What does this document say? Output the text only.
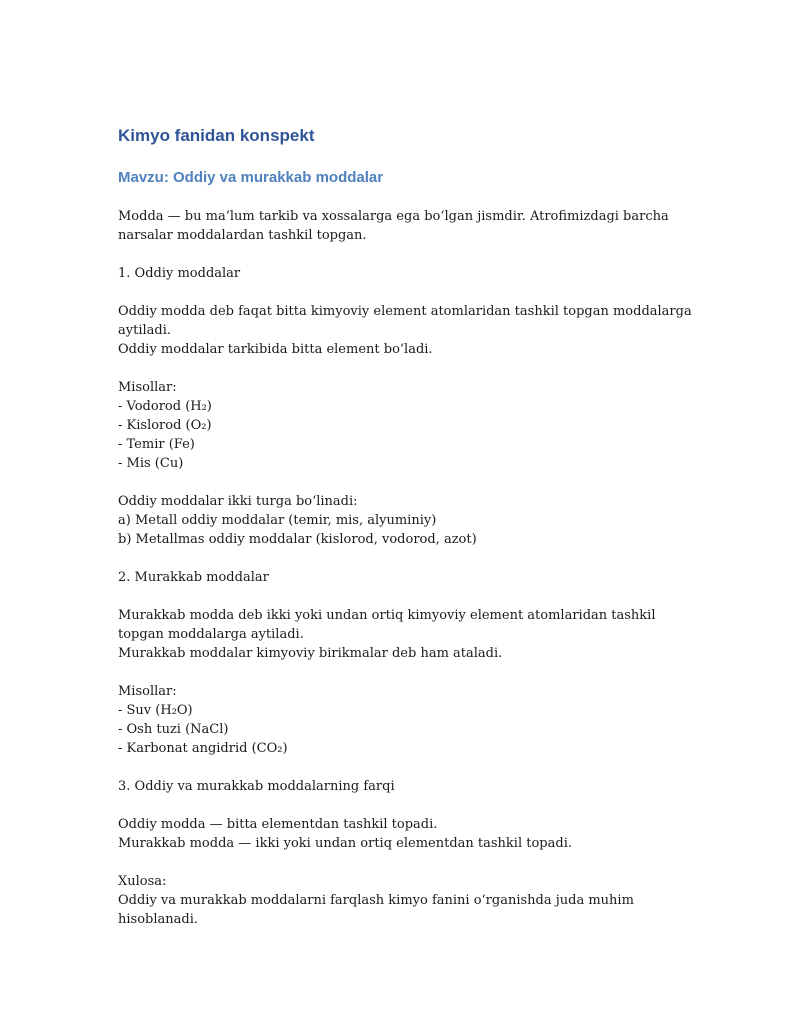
Kimyo fanidan konspekt
Mavzu: Oddiy va murakkab moddalar

Modda — bu ma’lum tarkib va xossalarga ega bo‘lgan jismdir. Atrofimizdagi barcha narsalar moddalardan tashkil topgan.

1. Oddiy moddalar

Oddiy modda deb faqat bitta kimyoviy element atomlaridan tashkil topgan moddalarga aytiladi.
Oddiy moddalar tarkibida bitta element bo‘ladi.
Misollar:
- Vodorod (H₂)
- Kislorod (O₂)
- Temir (Fe)
- Mis (Cu)
Oddiy moddalar ikki turga bo‘linadi:
a) Metall oddiy moddalar (temir, mis, alyuminiy)
b) Metallmas oddiy moddalar (kislorod, vodorod, azot)

2. Murakkab moddalar

Murakkab modda deb ikki yoki undan ortiq kimyoviy element atomlaridan tashkil topgan moddalarga aytiladi.
Murakkab moddalar kimyoviy birikmalar deb ham ataladi.
Misollar:
- Suv (H₂O)
- Osh tuzi (NaCl)
- Karbonat angidrid (CO₂)

3. Oddiy va murakkab moddalarning farqi

Oddiy modda — bitta elementdan tashkil topadi.
Murakkab modda — ikki yoki undan ortiq elementdan tashkil topadi.
Xulosa:
Oddiy va murakkab moddalarni farqlash kimyo fanini o‘rganishda juda muhim hisoblanadi.
